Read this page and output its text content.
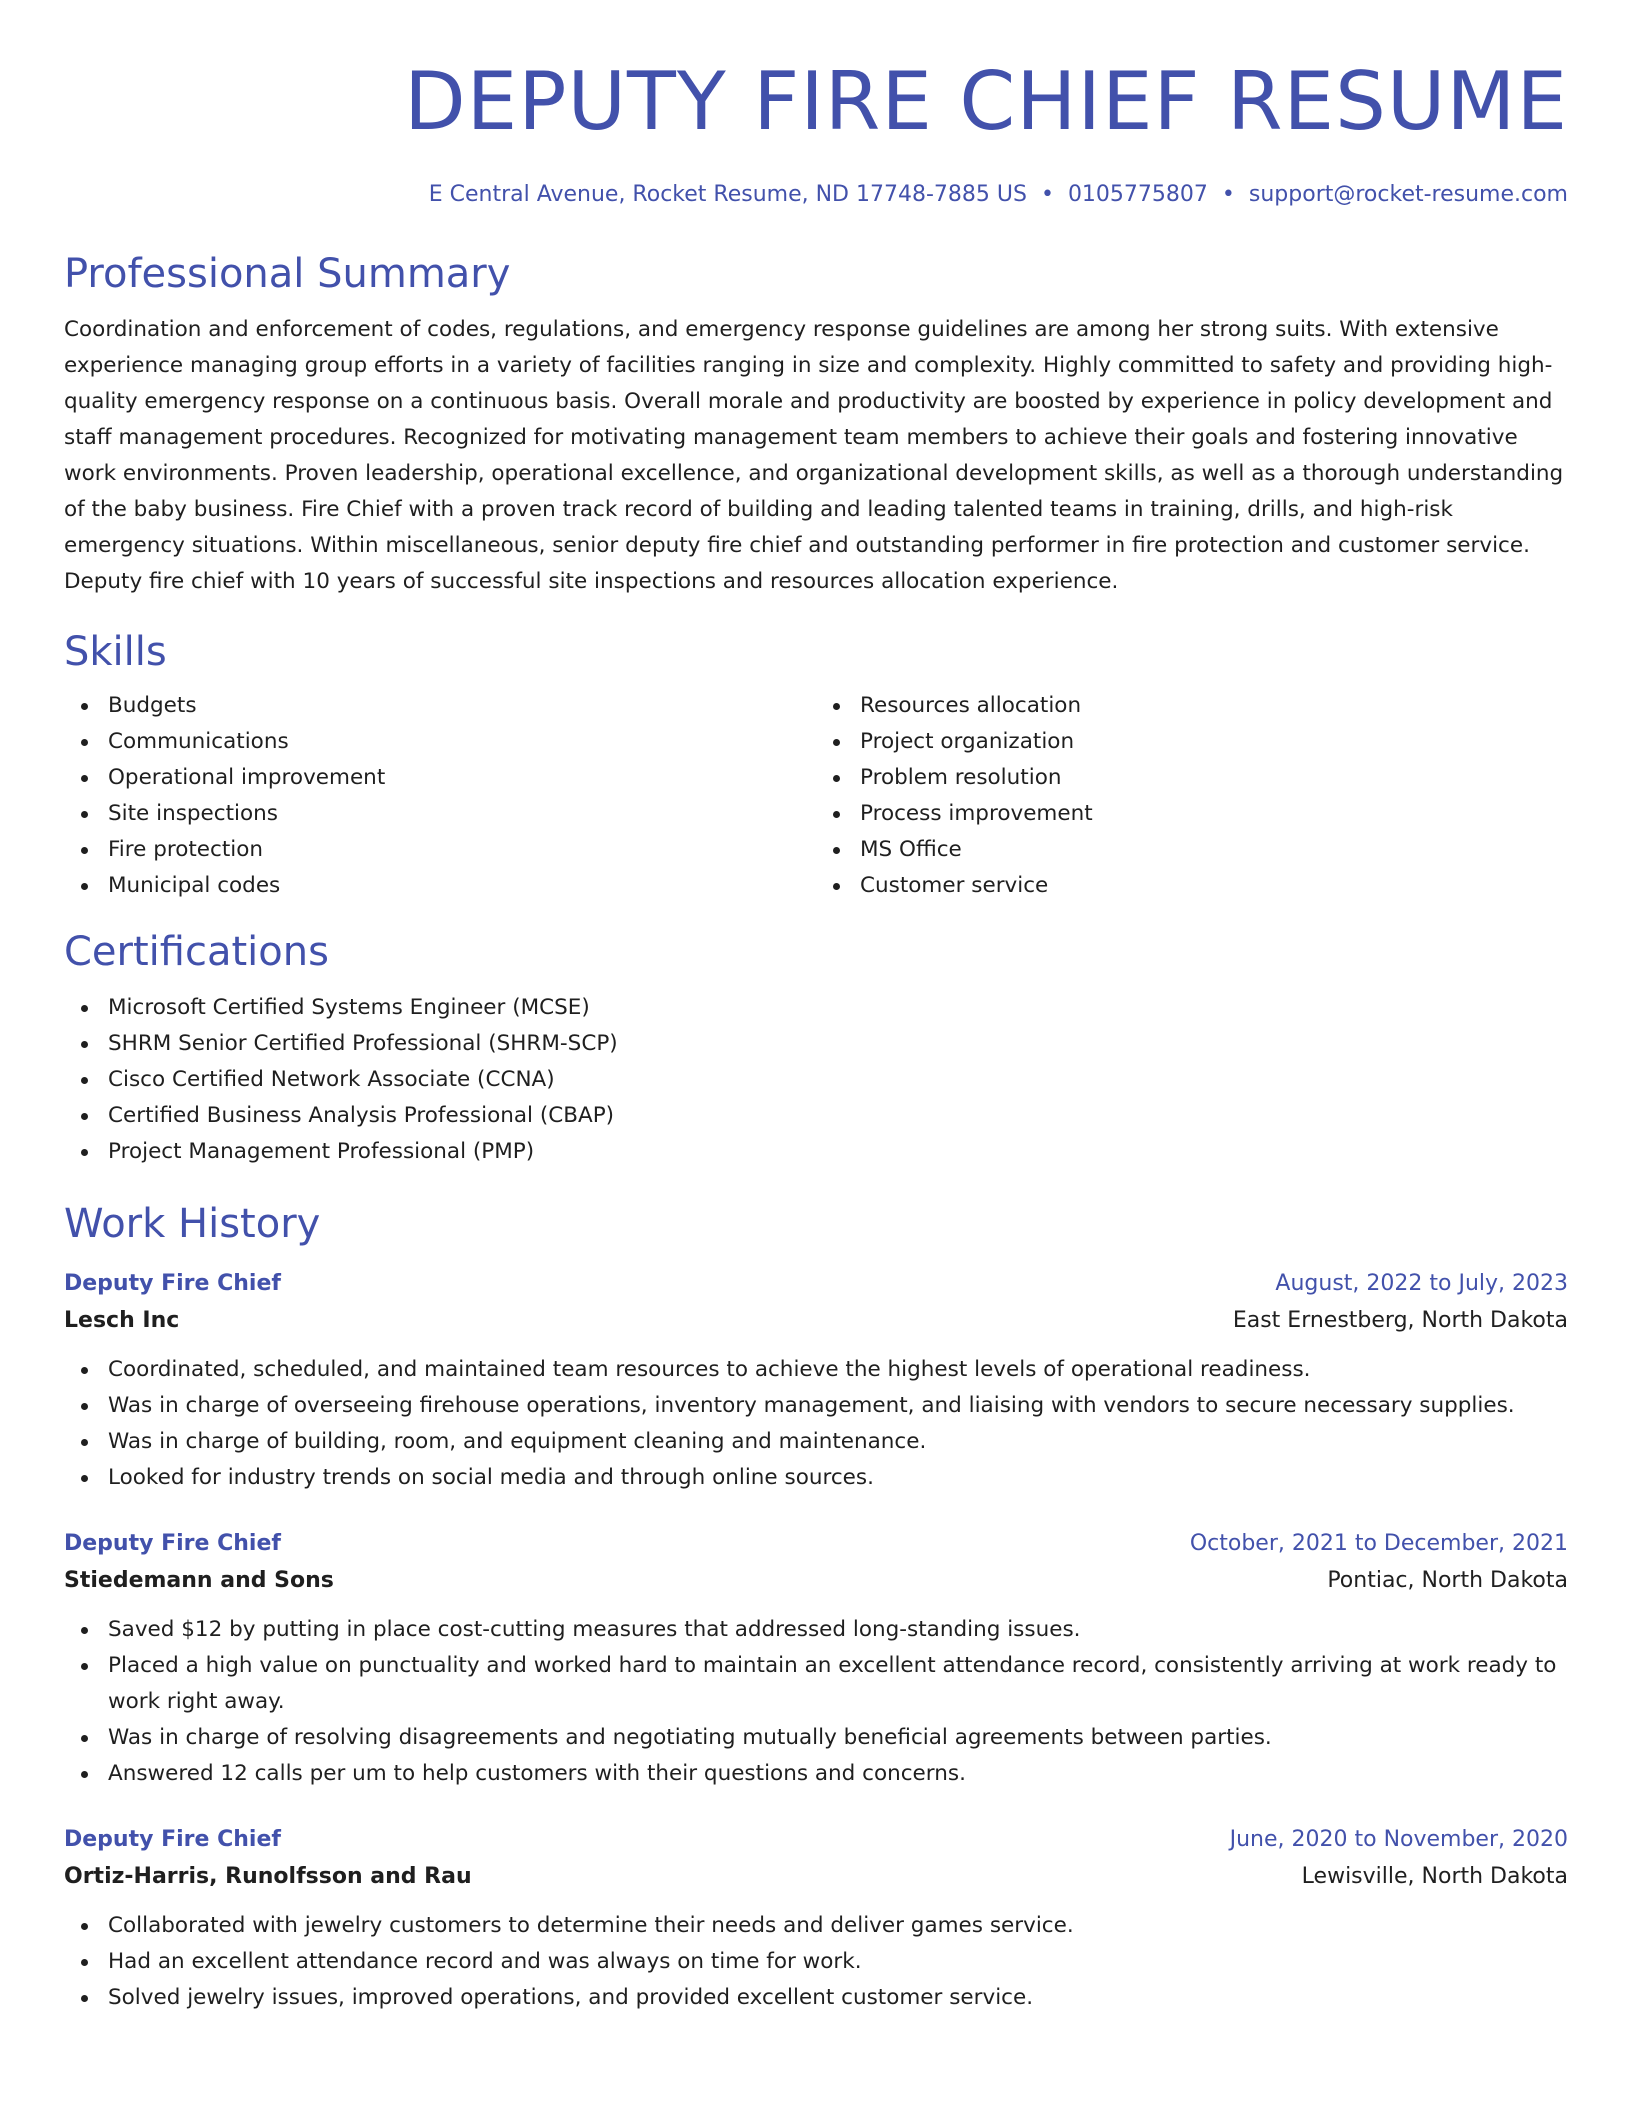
DEPUTY FIRE CHIEF RESUME
E Central Avenue, Rocket Resume, ND 17748-7885 US • 0105775807 • support@rocket-resume.com
Professional Summary

Coordination and enforcement of codes, regulations, and emergency response guidelines are among her strong suits. With extensive experience managing group efforts in a variety of facilities ranging in size and complexity. Highly committed to safety and providing high-quality emergency response on a continuous basis. Overall morale and productivity are boosted by experience in policy development and staff management procedures. Recognized for motivating management team members to achieve their goals and fostering innovative work environments. Proven leadership, operational excellence, and organizational development skills, as well as a thorough understanding of the baby business. Fire Chief with a proven track record of building and leading talented teams in training, drills, and high-risk emergency situations. Within miscellaneous, senior deputy fire chief and outstanding performer in fire protection and customer service. Deputy fire chief with 10 years of successful site inspections and resources allocation experience.

Skills
Budgets
Communications
Operational improvement
Site inspections
Fire protection
Municipal codes
Resources allocation
Project organization
Problem resolution
Process improvement
MS Office
Customer service
Certifications
Microsoft Certified Systems Engineer (MCSE)
SHRM Senior Certified Professional (SHRM-SCP)
Cisco Certified Network Associate (CCNA)
Certified Business Analysis Professional (CBAP)
Project Management Professional (PMP)
Work History
Deputy Fire Chief	August, 2022 to July, 2023
Lesch Inc	East Ernestberg, North Dakota
Coordinated, scheduled, and maintained team resources to achieve the highest levels of operational readiness.
Was in charge of overseeing firehouse operations, inventory management, and liaising with vendors to secure necessary supplies.
Was in charge of building, room, and equipment cleaning and maintenance.
Looked for industry trends on social media and through online sources.
Deputy Fire Chief	October, 2021 to December, 2021
Stiedemann and Sons	Pontiac, North Dakota
Saved $12 by putting in place cost-cutting measures that addressed long-standing issues.
Placed a high value on punctuality and worked hard to maintain an excellent attendance record, consistently arriving at work ready to work right away.
Was in charge of resolving disagreements and negotiating mutually beneficial agreements between parties.
Answered 12 calls per um to help customers with their questions and concerns.
Deputy Fire Chief	June, 2020 to November, 2020
Ortiz-Harris, Runolfsson and Rau	Lewisville, North Dakota
Collaborated with jewelry customers to determine their needs and deliver games service.
Had an excellent attendance record and was always on time for work.
Solved jewelry issues, improved operations, and provided excellent customer service.
